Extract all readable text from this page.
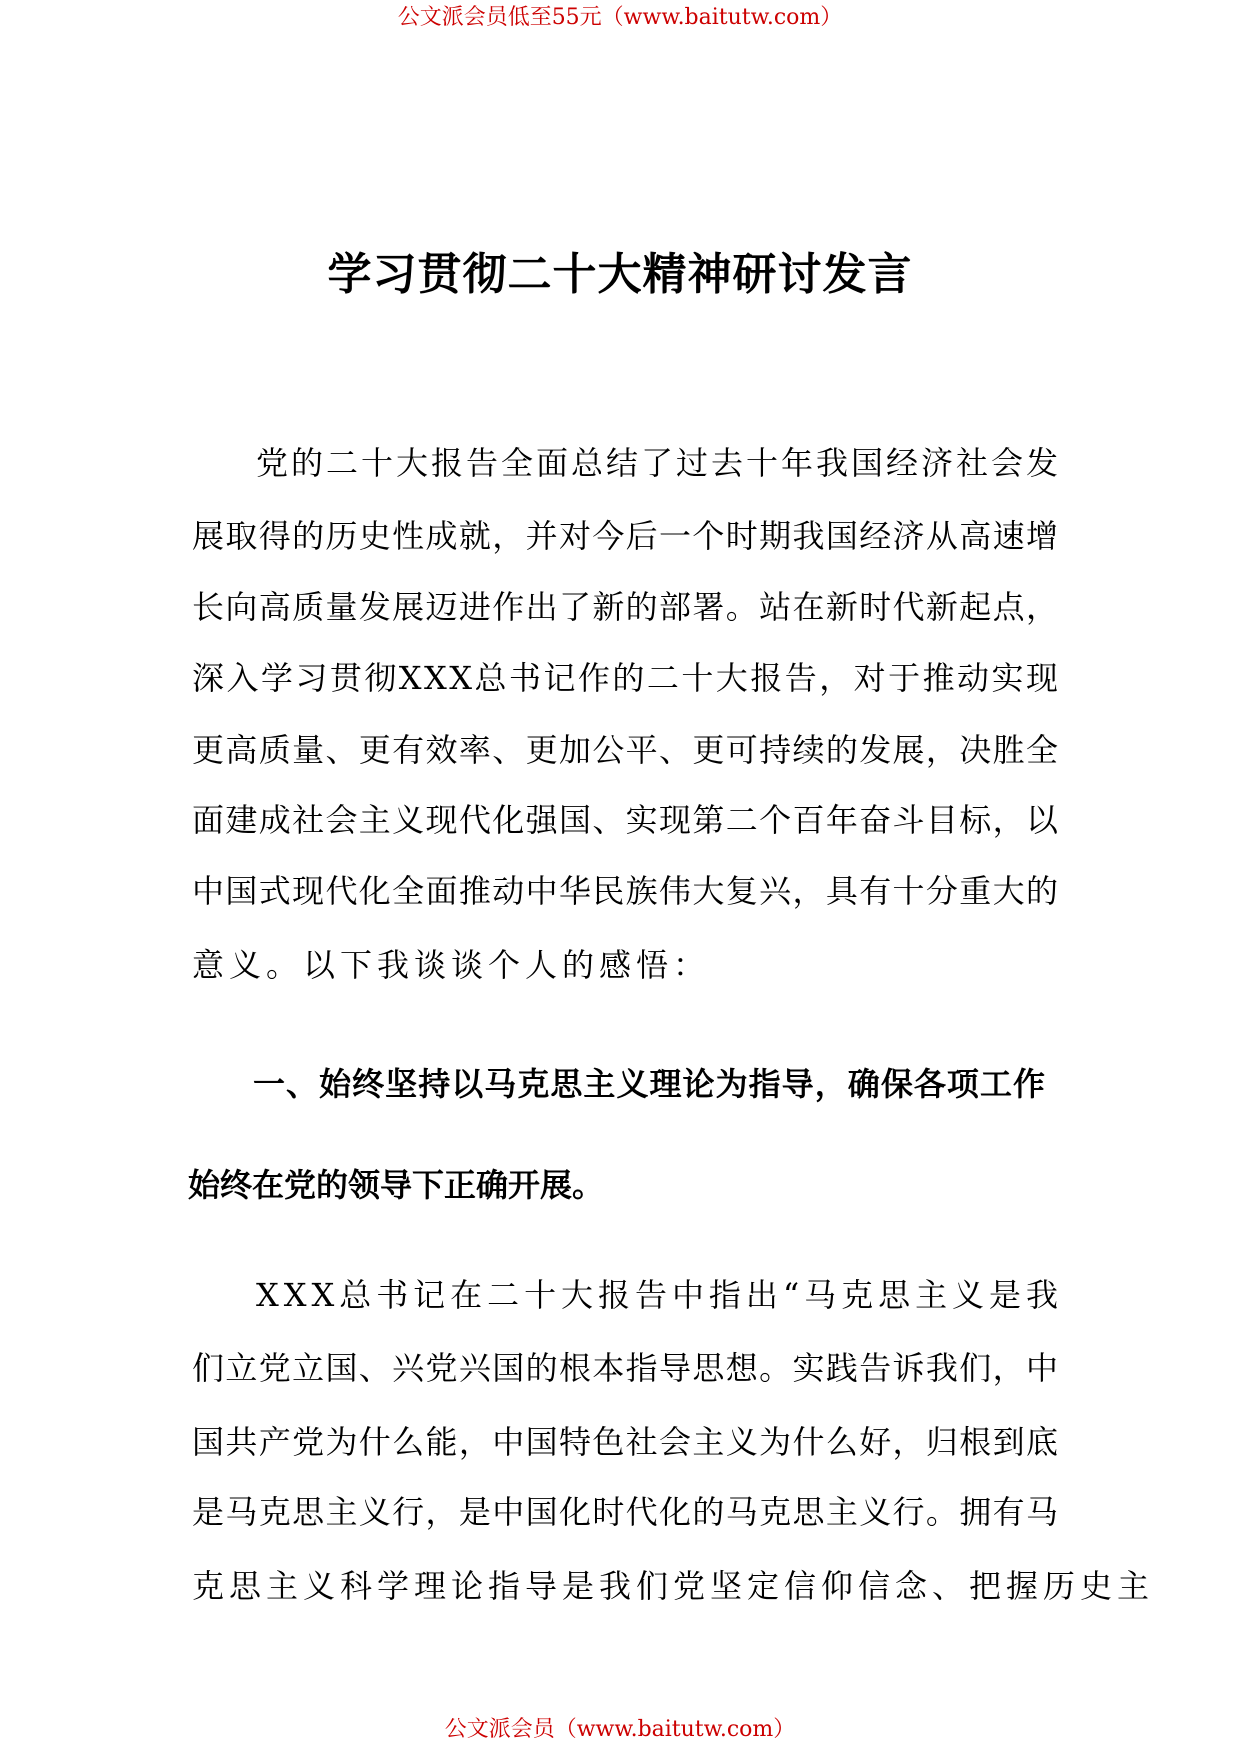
公文派会员低至55元（www.baitutw.com）
学习贯彻二十大精神研讨发言

党的二十大报告全面总结了过去十年我国经济社会发

展取得的历史性成就，并对今后一个时期我国经济从高速增

长向高质量发展迈进作出了新的部署。站在新时代新起点，

深入学习贯彻XXX总书记作的二十大报告，对于推动实现

更高质量、更有效率、更加公平、更可持续的发展，决胜全

面建成社会主义现代化强国、实现第二个百年奋斗目标，以

中国式现代化全面推动中华民族伟大复兴，具有十分重大的

意义。以下我谈谈个人的感悟：

一、始终坚持以马克思主义理论为指导，确保各项工作

始终在党的领导下正确开展。

XXX总书记在二十大报告中指出“马克思主义是我

们立党立国、兴党兴国的根本指导思想。实践告诉我们，中

国共产党为什么能，中国特色社会主义为什么好，归根到底

是马克思主义行，是中国化时代化的马克思主义行。拥有马

克思主义科学理论指导是我们党坚定信仰信念、把握历史主

公文派会员（www.baitutw.com）
